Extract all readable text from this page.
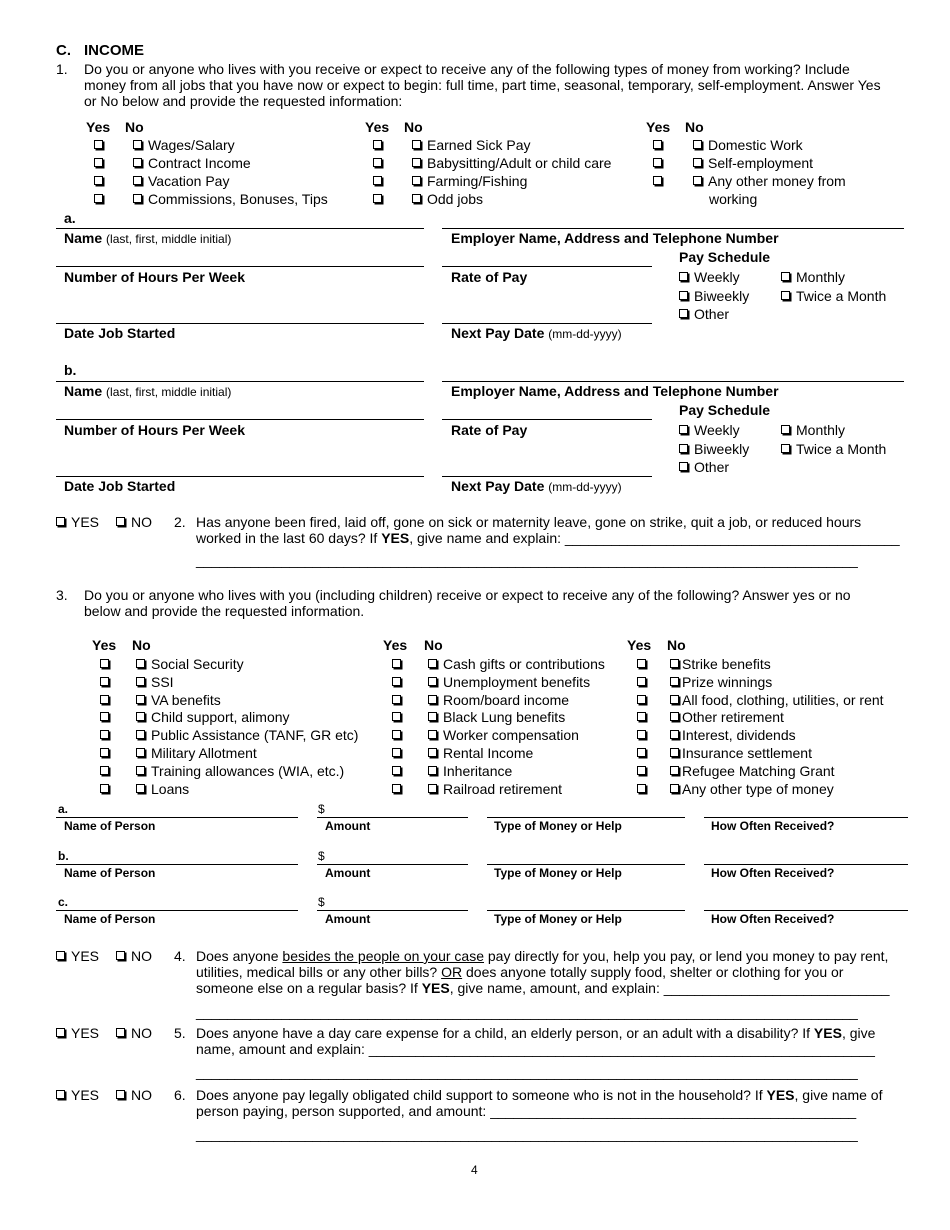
C. INCOME
1. Do you or anyone who lives with you receive or expect to receive any of the following types of money from working? Include money from all jobs that you have now or expect to begin: full time, part time, seasonal, temporary, self-employment. Answer Yes or No below and provide the requested information:
Yes No
Wages/Salary
Contract Income
Vacation Pay
Commissions, Bonuses, Tips
Yes No
Earned Sick Pay
Babysitting/Adult or child care
Farming/Fishing
Odd jobs
Yes No
Domestic Work
Self-employment
Any other money from
working
a.
Name (last, first, middle initial)	Employer Name, Address and Telephone Number
Pay Schedule
Number of Hours Per Week	Rate of Pay	Weekly	Monthly
Biweekly	Twice a Month
Other
Date Job Started	Next Pay Date (mm-dd-yyyy)
b.
Name (last, first, middle initial)	Employer Name, Address and Telephone Number
Pay Schedule
Number of Hours Per Week	Rate of Pay	Weekly	Monthly
Biweekly	Twice a Month
Other
Date Job Started	Next Pay Date (mm-dd-yyyy)
YES	NO 2. Has anyone been fired, laid off, gone on sick or maternity leave, gone on strike, quit a job, or reduced hours
worked in the last 60 days? If YES, give name and explain: ___________________________________________
_____________________________________________________________________________________
3. Do you or anyone who lives with you (including children) receive or expect to receive any of the following? Answer yes or no below and provide the requested information.
Yes No
Social Security
SSI
VA benefits
Child support, alimony
Public Assistance (TANF, GR etc)
Military Allotment
Training allowances (WIA, etc.)
Loans
Yes No
Cash gifts or contributions
Unemployment benefits
Room/board income
Black Lung benefits
Worker compensation
Rental Income
Inheritance
Railroad retirement
Yes No
Strike benefits
Prize winnings
All food, clothing, utilities, or rent
Other retirement
Interest, dividends
Insurance settlement
Refugee Matching Grant
Any other type of money
a.	$
Name of Person	Amount	Type of Money or Help	How Often Received?
b.	$
Name of Person	Amount	Type of Money or Help	How Often Received?
c.	$
Name of Person	Amount	Type of Money or Help	How Often Received?
YES	NO 4. Does anyone besides the people on your case pay directly for you, help you pay, or lend you money to pay rent,
utilities, medical bills or any other bills? OR does anyone totally supply food, shelter or clothing for you or
someone else on a regular basis? If YES, give name, amount, and explain: _____________________________
_____________________________________________________________________________________
YES	NO 5. Does anyone have a day care expense for a child, an elderly person, or an adult with a disability? If YES, give
name, amount and explain: _________________________________________________________________
_____________________________________________________________________________________
YES	NO 6. Does anyone pay legally obligated child support to someone who is not in the household? If YES, give name of
person paying, person supported, and amount: _______________________________________________
_____________________________________________________________________________________
4
